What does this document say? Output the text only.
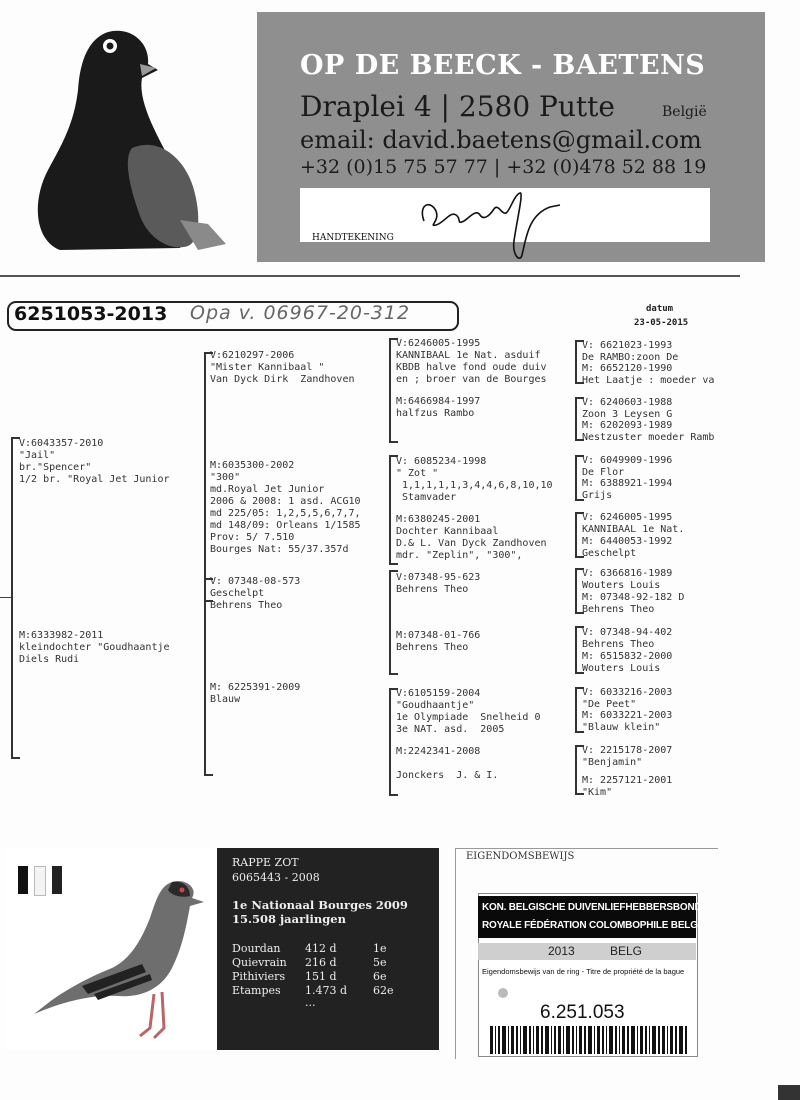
OP DE BEECK - BAETENS
Draplei 4 | 2580 Putte	België
email: david.baetens@gmail.com
+32 (0)15 75 57 77 | +32 (0)478 52 88 19
HANDTEKENING
6251053-2013 Opa v. 06967-20-312	datum
23-05-2015
V:6043357-2010
"Jail"
br."Spencer"
1/2 br. "Royal Jet Junior
M:6333982-2011
kleindochter "Goudhaantje
Diels Rudi
V:6210297-2006
"Mister Kannibaal "
Van Dyck Dirk  Zandhoven
M:6035300-2002
"300"
md.Royal Jet Junior
2006 & 2008: 1 asd. ACG10
md 225/05: 1,2,5,5,6,7,7,
md 148/09: Orleans 1/1585
Prov: 5/ 7.510
Bourges Nat: 55/37.357d
V: 07348-08-573
Geschelpt
Behrens Theo
M: 6225391-2009
Blauw
V:6246005-1995
KANNIBAAL 1e Nat. asduif
KBDB halve fond oude duiv
en ; broer van de Bourges
M:6466984-1997
halfzus Rambo
V: 6085234-1998
" Zot "
1,1,1,1,1,3,4,4,6,8,10,10
Stamvader
M:6380245-2001
Dochter Kannibaal
D.& L. Van Dyck Zandhoven
mdr. "Zeplin", "300",
V:07348-95-623
Behrens Theo
M:07348-01-766
Behrens Theo
V:6105159-2004
"Goudhaantje"
1e Olympiade  Snelheid 0
3e NAT. asd.  2005
M:2242341-2008

Jonckers  J. & I.
V: 6621023-1993
De RAMBO:zoon De
M: 6652120-1990
Het Laatje : moeder va
V: 6240603-1988
Zoon 3 Leysen G
M: 6202093-1989
Nestzuster moeder Ramb
V: 6049909-1996
De Flor
M: 6388921-1994
Grijs
V: 6246005-1995
KANNIBAAL 1e Nat.
M: 6440053-1992
Geschelpt
V: 6366816-1989
Wouters Louis
M: 07348-92-182 D
Behrens Theo
V: 07348-94-402
Behrens Theo
M: 6515832-2000
Wouters Louis
V: 6033216-2003
"De Peet"
M: 6033221-2003
"Blauw klein"
V: 2215178-2007
"Benjamin"
M: 2257121-2001
"Kim"
RAPPE ZOT
6065443 - 2008
1e Nationaal Bourges 2009
15.508 jaarlingen
Dourdan 412 d	1e
Quievrain 216 d	5e
Pithiviers 151 d	6e
Etampes 1.473 d 62e
...
EIGENDOMSBEWIJS
KON. BELGISCHE DUIVENLIEFHEBBERSBOND
ROYALE FÉDÉRATION COLOMBOPHILE BELGE
2013	BELG
Eigendomsbewijs van de ring - Titre de propriété de la bague
6.251.053
